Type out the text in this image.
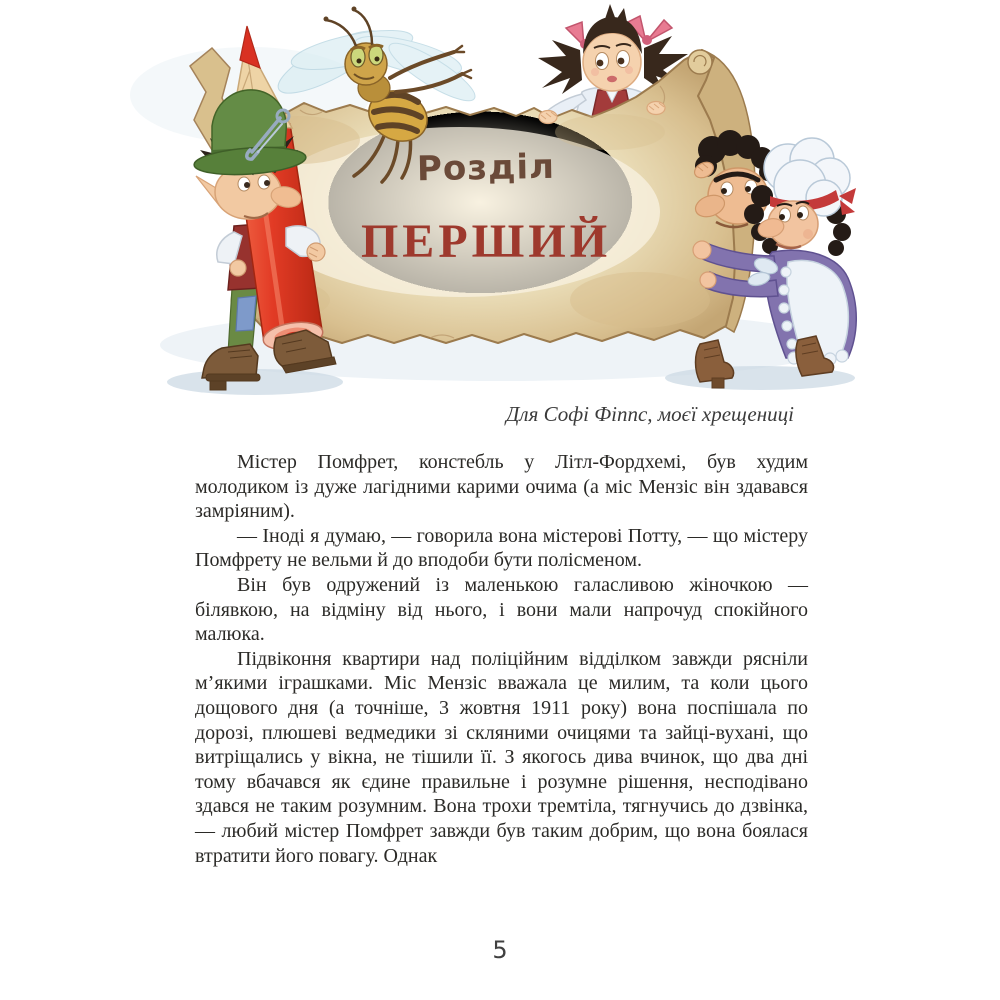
Розділ
ПЕРШИЙ
Для Софі Фіппс, моєї хрещениці

Містер Помфрет, констебль у Літл-Фордхемі, був худим молодиком із дуже лагідними карими очима (а міс Мензіс він здавався замріяним).

— Іноді я думаю, — говорила вона містерові Потту, — що містеру Помфрету не вельми й до вподоби бути полісменом.

Він був одружений із маленькою галасливою жіночкою — білявкою, на відміну від нього, і вони мали напрочуд спокійного малюка.

Підвіконня квартири над поліційним відділком завжди рясніли м’якими іграшками. Міс Мензіс вважала це милим, та коли цього дощового дня (а точніше, 3 жовтня 1911 року) вона поспішала по дорозі, плюшеві ведмедики зі скляними очицями та зайці-вухані, що витріщались у вікна, не тішили її. З якогось дива вчинок, що два дні тому вбачався як єдине правильне і розумне рішення, несподівано здався не таким розумним. Вона трохи тремтіла, тягнучись до дзвінка, — любий містер Помфрет завжди був таким добрим, що вона боялася втратити його повагу. Однак

5
